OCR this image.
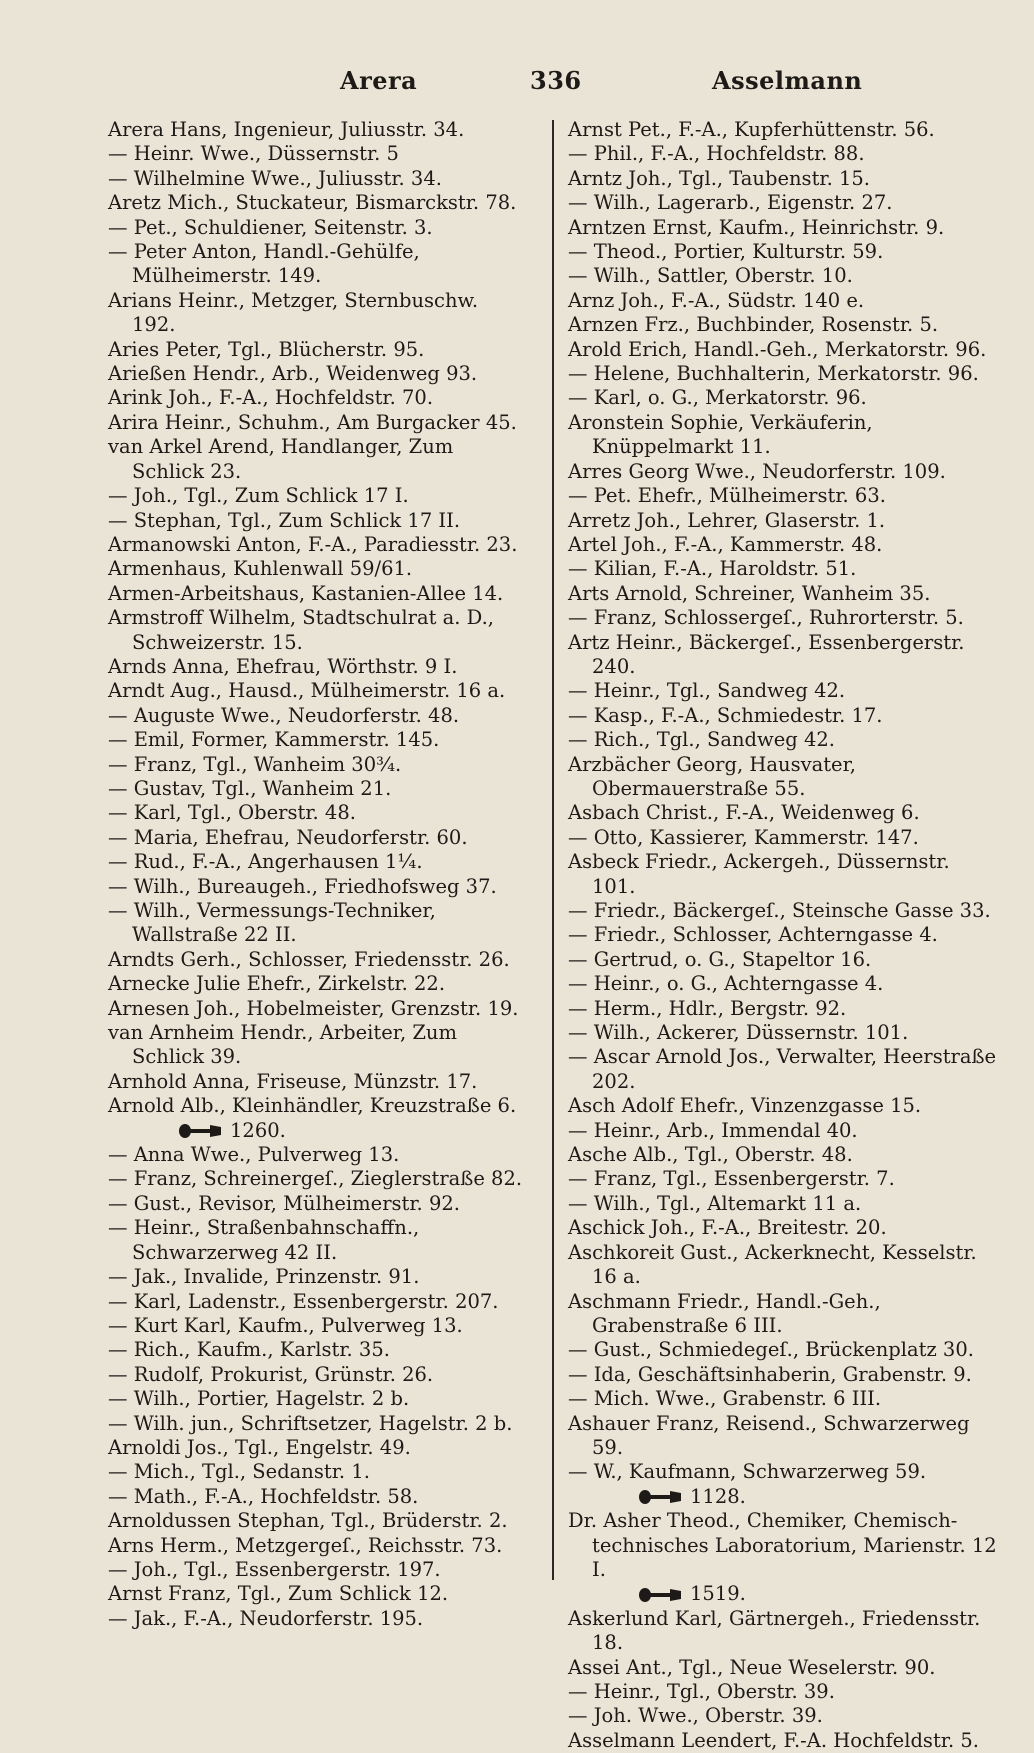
Arera	336	Asselmann
Arera Hans, Ingenieur, Juliusstr. 34.
— Heinr. Wwe., Düssernstr. 5
— Wilhelmine Wwe., Juliusstr. 34.
Aretz Mich., Stuckateur, Bismarckstr. 78.
— Pet., Schuldiener, Seitenstr. 3.
— Peter Anton, Handl.-Gehülfe, Mülheimerstr. 149.
Arians Heinr., Metzger, Sternbuschw. 192.
Aries Peter, Tgl., Blücherstr. 95.
Arießen Hendr., Arb., Weidenweg 93.
Arink Joh., F.-A., Hochfeldstr. 70.
Arira Heinr., Schuhm., Am Burgacker 45.
van Arkel Arend, Handlanger, Zum Schlick 23.
— Joh., Tgl., Zum Schlick 17 I.
— Stephan, Tgl., Zum Schlick 17 II.
Armanowski Anton, F.-A., Paradiesstr. 23.
Armenhaus, Kuhlenwall 59/61.
Armen-Arbeitshaus, Kastanien-Allee 14.
Armstroff Wilhelm, Stadtschulrat a. D., Schweizerstr. 15.
Arnds Anna, Ehefrau, Wörthstr. 9 I.
Arndt Aug., Hausd., Mülheimerstr. 16 a.
— Auguste Wwe., Neudorferstr. 48.
— Emil, Former, Kammerstr. 145.
— Franz, Tgl., Wanheim 30¾.
— Gustav, Tgl., Wanheim 21.
— Karl, Tgl., Oberstr. 48.
— Maria, Ehefrau, Neudorferstr. 60.
— Rud., F.-A., Angerhausen 1¼.
— Wilh., Bureaugeh., Friedhofsweg 37.
— Wilh., Vermessungs-Techniker, Wallstraße 22 II.
Arndts Gerh., Schlosser, Friedensstr. 26.
Arnecke Julie Ehefr., Zirkelstr. 22.
Arnesen Joh., Hobelmeister, Grenzstr. 19.
van Arnheim Hendr., Arbeiter, Zum Schlick 39.
Arnhold Anna, Friseuse, Münzstr. 17.
Arnold Alb., Kleinhändler, Kreuzstraße 6.
1260.
— Anna Wwe., Pulverweg 13.
— Franz, Schreinergeſ., Zieglerstraße 82.
— Gust., Revisor, Mülheimerstr. 92.
— Heinr., Straßenbahnschaffn., Schwarzerweg 42 II.
— Jak., Invalide, Prinzenstr. 91.
— Karl, Ladenstr., Essenbergerstr. 207.
— Kurt Karl, Kaufm., Pulverweg 13.
— Rich., Kaufm., Karlstr. 35.
— Rudolf, Prokurist, Grünstr. 26.
— Wilh., Portier, Hagelstr. 2 b.
— Wilh. jun., Schriftsetzer, Hagelstr. 2 b.
Arnoldi Jos., Tgl., Engelstr. 49.
— Mich., Tgl., Sedanstr. 1.
— Math., F.-A., Hochfeldstr. 58.
Arnoldussen Stephan, Tgl., Brüderstr. 2.
Arns Herm., Metzgergeſ., Reichsstr. 73.
— Joh., Tgl., Essenbergerstr. 197.
Arnst Franz, Tgl., Zum Schlick 12.
— Jak., F.-A., Neudorferstr. 195.
Arnst Pet., F.-A., Kupferhüttenstr. 56.
— Phil., F.-A., Hochfeldstr. 88.
Arntz Joh., Tgl., Taubenstr. 15.
— Wilh., Lagerarb., Eigenstr. 27.
Arntzen Ernst, Kaufm., Heinrichstr. 9.
— Theod., Portier, Kulturstr. 59.
— Wilh., Sattler, Oberstr. 10.
Arnz Joh., F.-A., Südstr. 140 e.
Arnzen Frz., Buchbinder, Rosenstr. 5.
Arold Erich, Handl.-Geh., Merkatorstr. 96.
— Helene, Buchhalterin, Merkatorstr. 96.
— Karl, o. G., Merkatorstr. 96.
Aronstein Sophie, Verkäuferin, Knüppelmarkt 11.
Arres Georg Wwe., Neudorferstr. 109.
— Pet. Ehefr., Mülheimerstr. 63.
Arretz Joh., Lehrer, Glaserstr. 1.
Artel Joh., F.-A., Kammerstr. 48.
— Kilian, F.-A., Haroldstr. 51.
Arts Arnold, Schreiner, Wanheim 35.
— Franz, Schlossergeſ., Ruhrorterstr. 5.
Artz Heinr., Bäckergeſ., Essenbergerstr. 240.
— Heinr., Tgl., Sandweg 42.
— Kasp., F.-A., Schmiedestr. 17.
— Rich., Tgl., Sandweg 42.
Arzbächer Georg, Hausvater, Obermauerstraße 55.
Asbach Christ., F.-A., Weidenweg 6.
— Otto, Kassierer, Kammerstr. 147.
Asbeck Friedr., Ackergeh., Düssernstr. 101.
— Friedr., Bäckergeſ., Steinsche Gasse 33.
— Friedr., Schlosser, Achterngasse 4.
— Gertrud, o. G., Stapeltor 16.
— Heinr., o. G., Achterngasse 4.
— Herm., Hdlr., Bergstr. 92.
— Wilh., Ackerer, Düssernstr. 101.
— Ascar Arnold Jos., Verwalter, Heerstraße 202.
Asch Adolf Ehefr., Vinzenzgasse 15.
— Heinr., Arb., Immendal 40.
Asche Alb., Tgl., Oberstr. 48.
— Franz, Tgl., Essenbergerstr. 7.
— Wilh., Tgl., Altemarkt 11 a.
Aschick Joh., F.-A., Breitestr. 20.
Aschkoreit Gust., Ackerknecht, Kesselstr. 16 a.
Aschmann Friedr., Handl.-Geh., Grabenstraße 6 III.
— Gust., Schmiedegeſ., Brückenplatz 30.
— Ida, Geschäftsinhaberin, Grabenstr. 9.
— Mich. Wwe., Grabenstr. 6 III.
Ashauer Franz, Reisend., Schwarzerweg 59.
— W., Kaufmann, Schwarzerweg 59.
1128.
Dr. Asher Theod., Chemiker, Chemisch-technisches Laboratorium, Marienstr. 12 I.
1519.
Askerlund Karl, Gärtnergeh., Friedensstr. 18.
Assei Ant., Tgl., Neue Weselerstr. 90.
— Heinr., Tgl., Oberstr. 39.
— Joh. Wwe., Oberstr. 39.
Asselmann Leendert, F.-A. Hochfeldstr. 5.
